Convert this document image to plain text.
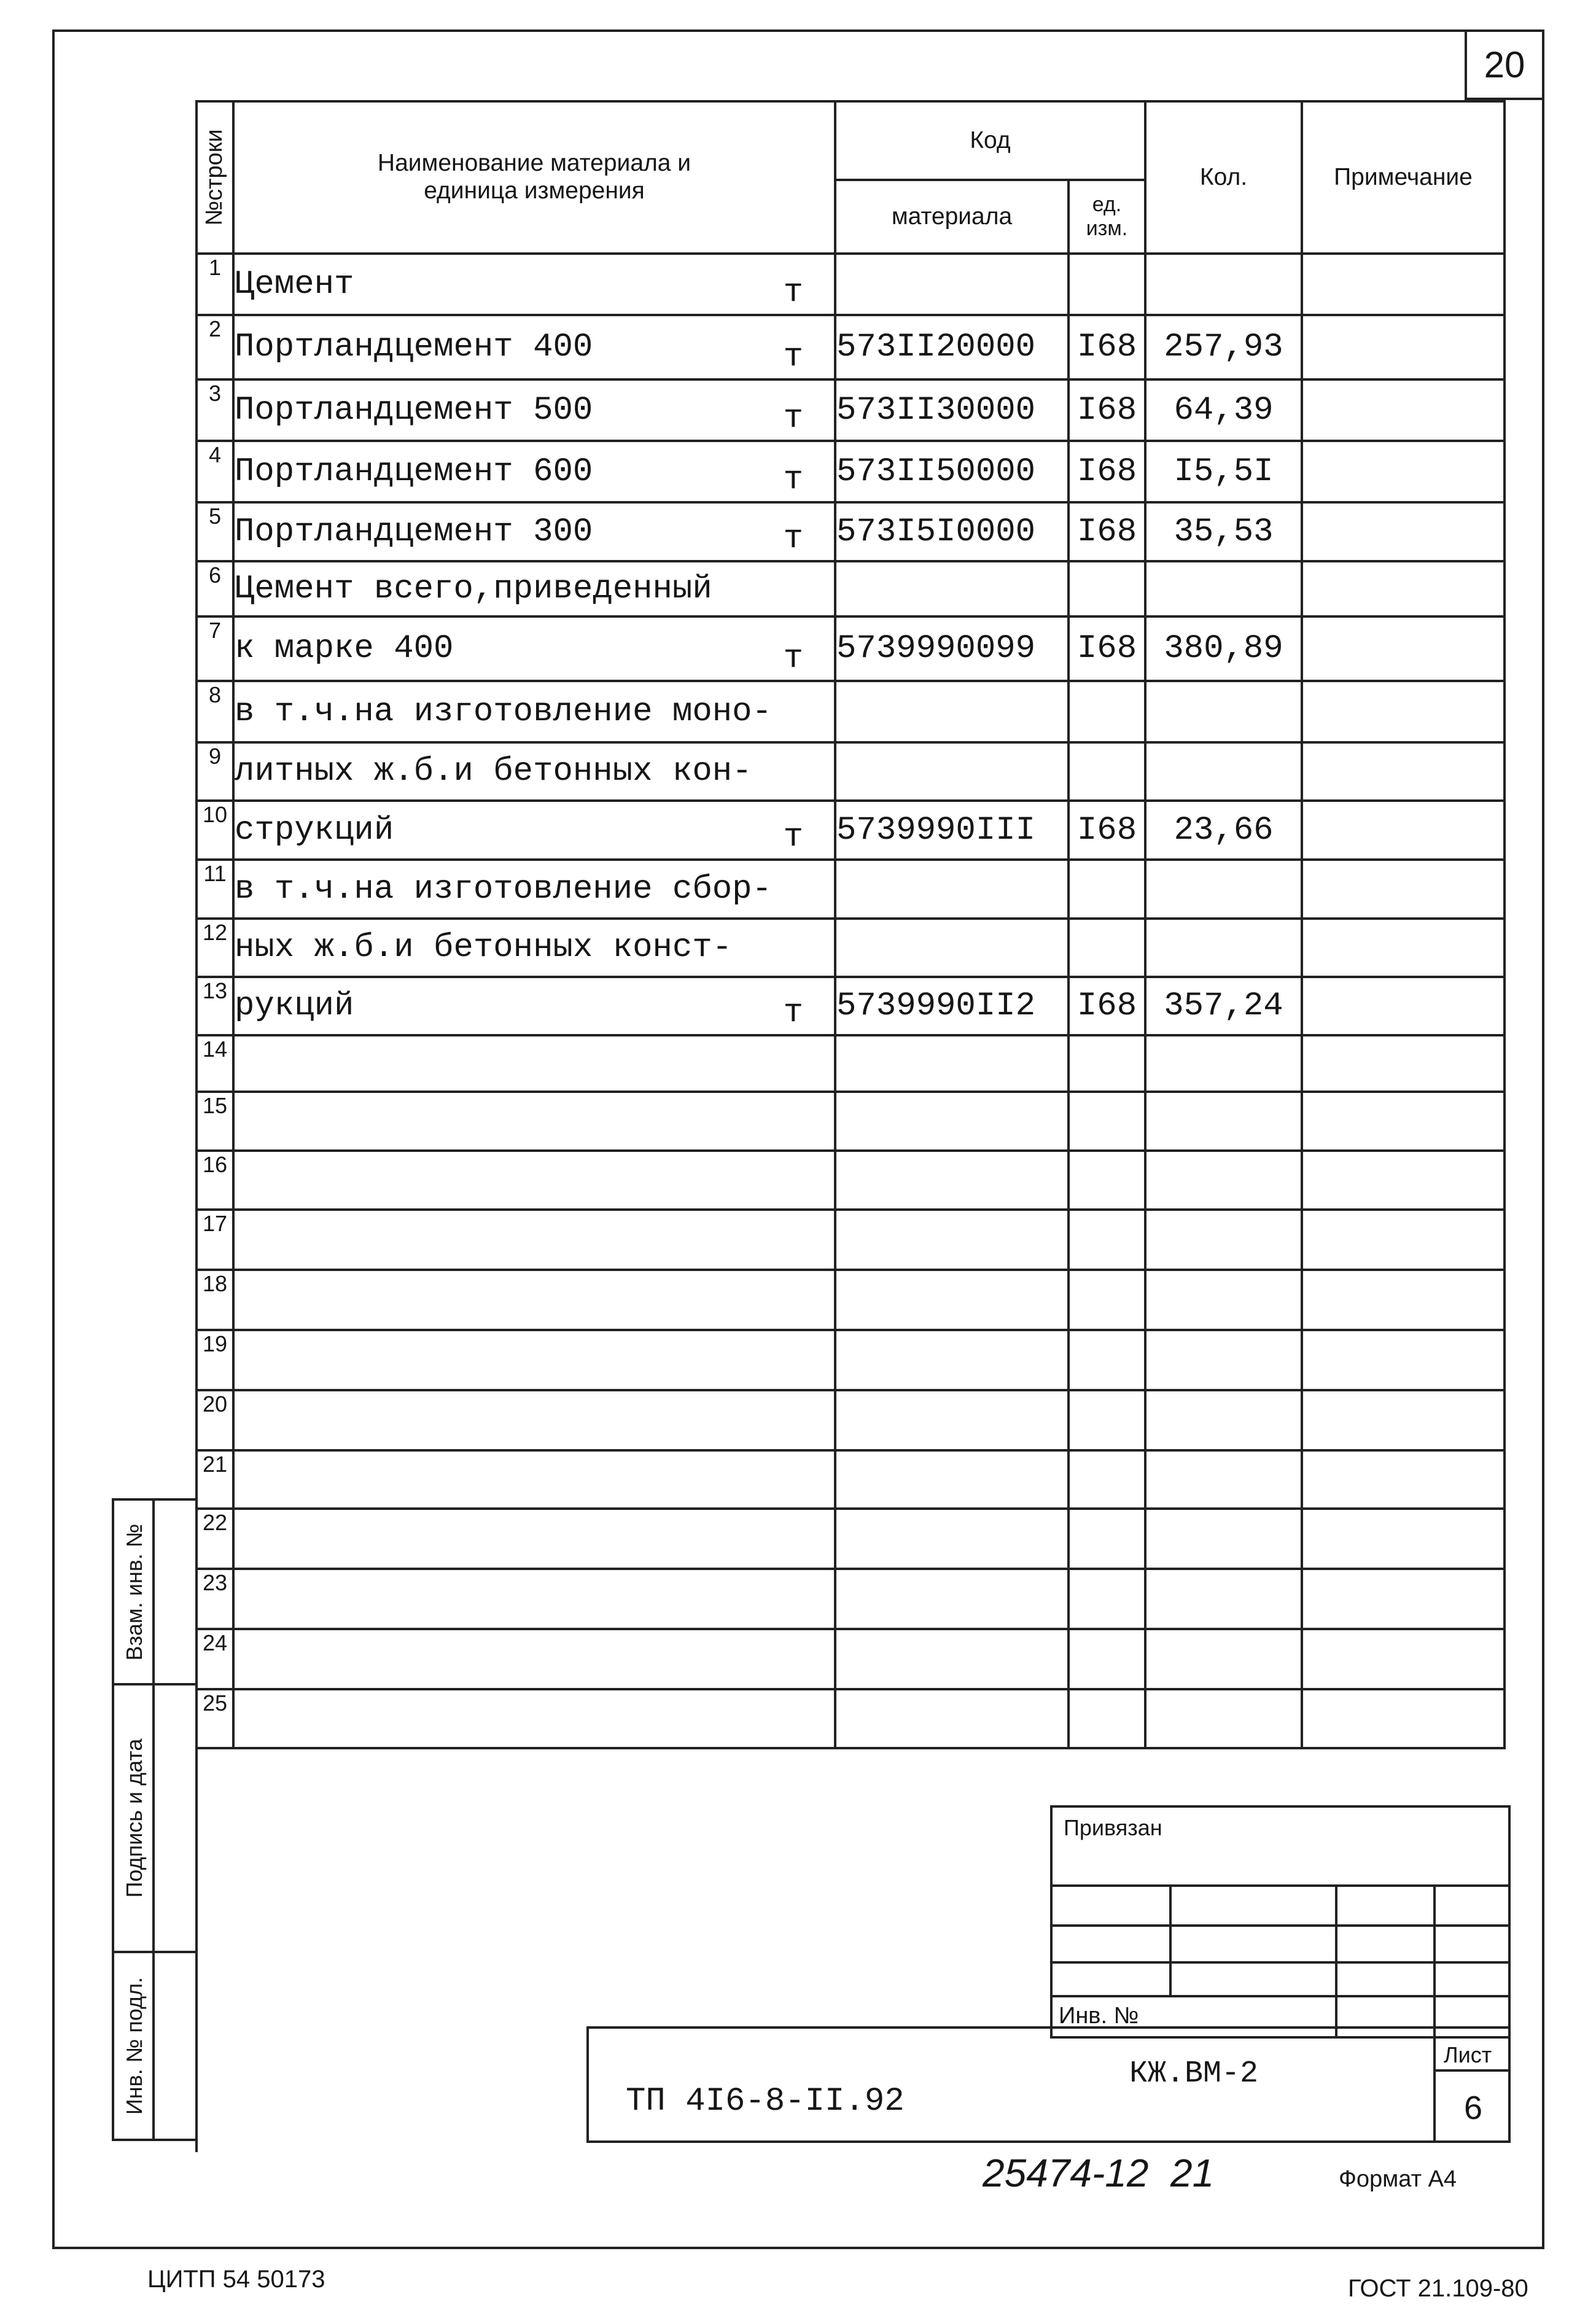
20
№строки	Наименование материала и единица измерения	Код		Кол.	Примечание
		материала	ед. изм.		
1	Цемент т				

2	Портландцемент 400 т	573II20000	I68	257,93	
3	Портландцемент 500 т	573II30000	I68	64,39	
4	Портландцемент 600 т	573II50000	I68	I5,5I	
5	Портландцемент 300 т	573I5I0000	I68	35,53	
6	Цемент всего,приведенный

7	к марке 400 т	5739990099	I68	380,89	
8	в т.ч.на изготовление моно-

9	литных ж.б.и бетонных кон-

10	струкций т	5739990III	I68	23,66	
11	в т.ч.на изготовление сбор-

12	ных ж.б.и бетонных конст-

13	рукций т	5739990II2	I68	357,24	
14	

15	

16	

17	

18	

19	

20	

21	

22	

23	

24	

25	

Взам. инв. №
Подпись и дата
Инв. № подл.
Привязан
Инв. №
ТП 4I6-8-II.92
КЖ.ВМ-2
Лист
6
25474-12  21	Формат А4
ЦИТП 54 50173	ГОСТ 21.109-80
